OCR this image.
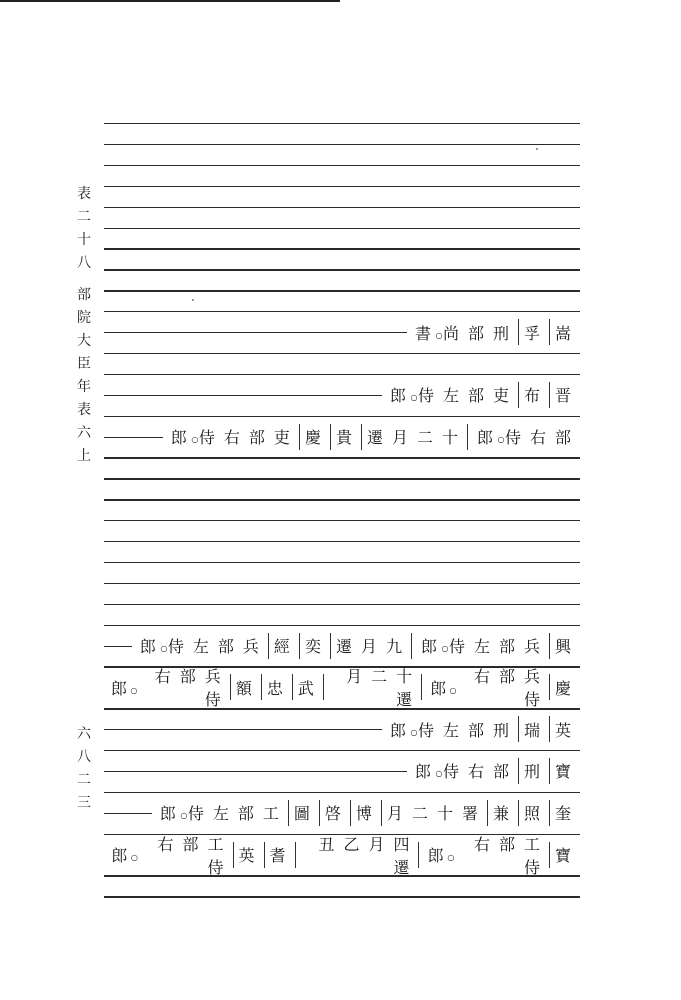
表
二
十
八
部
院
大
臣
年
表
六
上
六
八
二
三
書 ○ 刑部尚 孚 嵩
郎 ○ 吏部左侍 布 晋
郎 ○ 吏部右侍 慶 貴 十二月遷 郎 ○ 部右侍
郎 ○ 兵部左侍 經 奕 九月遷 郎 ○ 兵部左侍 興
郎 ○
兵部右侍
額 忠 武
十二月遷
郎 ○
兵部右侍
慶
郎 ○ 刑部左侍 瑞 英
郎 ○ 部右侍 刑 寶
郎 ○ 工部左侍 圖 啓 博 署十二月 兼 照 奎
郎 ○
工部右侍
英 耆
四月乙丑遷
郎 ○
工部右侍
寶
